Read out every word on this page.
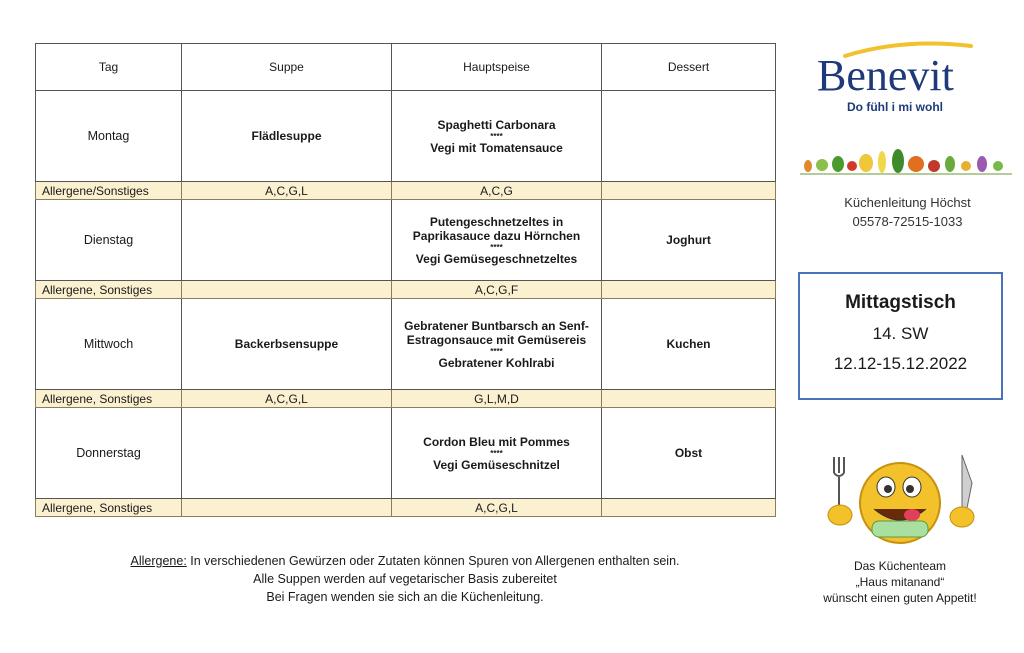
Tag	Suppe	Hauptspeise	Dessert
Montag	Flädlesuppe	Spaghetti Carbonara
****
Vegi mit Tomatensauce	

Allergene/Sonstiges	A,C,G,L	A,C,G	
Dienstag		Putengeschnetzeltes in Paprikasauce dazu Hörnchen
****
Vegi Gemüsegeschnetzeltes	Joghurt
Allergene, Sonstiges		A,C,G,F	
Mittwoch	Backerbsensuppe	Gebratener Buntbarsch an Senf-Estragonsauce mit Gemüsereis
****
Gebratener Kohlrabi	Kuchen
Allergene, Sonstiges	A,C,G,L	G,L,M,D	
Donnerstag		Cordon Bleu mit Pommes
****
Vegi Gemüseschnitzel	Obst
Allergene, Sonstiges		A,C,G,L	
Allergene: In verschiedenen Gewürzen oder Zutaten können Spuren von Allergenen enthalten sein.
Alle Suppen werden auf vegetarischer Basis zubereitet
Bei Fragen wenden sie sich an die Küchenleitung.
Benevit
Do fühl i mi wohl
Küchenleitung Höchst
05578-72515-1033
Mittagstisch
14. SW
12.12-15.12.2022
Das Küchenteam
„Haus mitanand“
wünscht einen guten Appetit!
